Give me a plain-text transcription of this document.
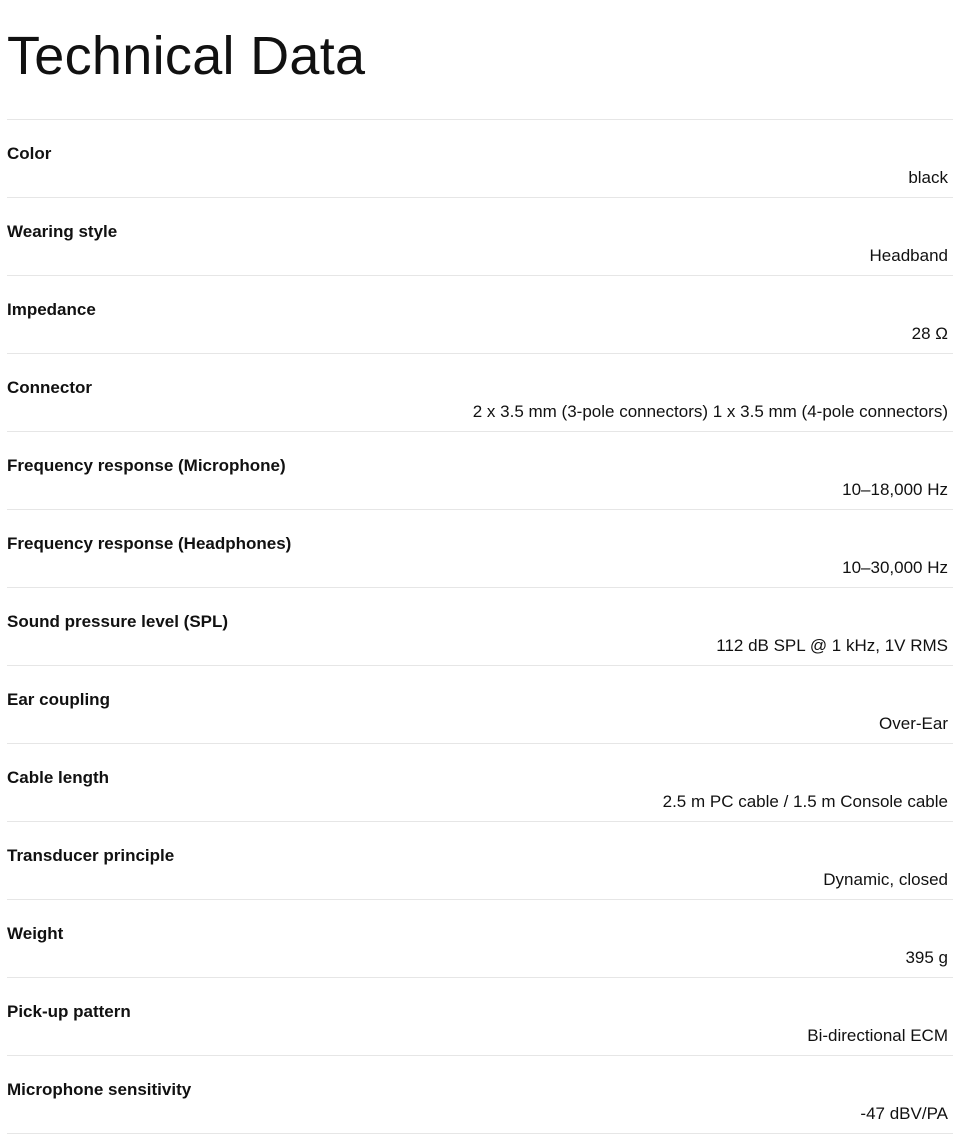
Technical Data
Color
black
Wearing style
Headband
Impedance
28 Ω
Connector
2 x 3.5 mm (3-pole connectors) 1 x 3.5 mm (4-pole connectors)
Frequency response (Microphone)
10–18,000 Hz
Frequency response (Headphones)
10–30,000 Hz
Sound pressure level (SPL)
112 dB SPL @ 1 kHz, 1V RMS
Ear coupling
Over-Ear
Cable length
2.5 m PC cable / 1.5 m Console cable
Transducer principle
Dynamic, closed
Weight
395 g
Pick-up pattern
Bi-directional ECM
Microphone sensitivity
-47 dBV/PA
